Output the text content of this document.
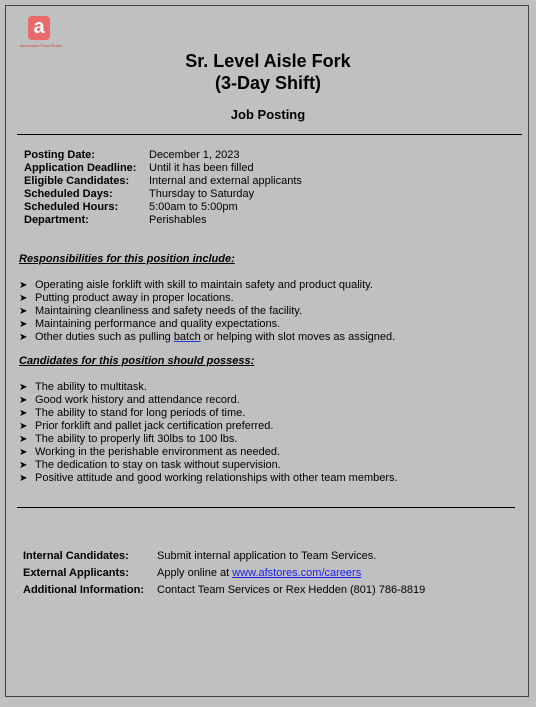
a
Associated Food Stores
Sr. Level Aisle Fork
(3-Day Shift)
Job Posting
Posting Date:	December 1, 2023
Application Deadline:	Until it has been filled
Eligible Candidates:	Internal and external applicants
Scheduled Days:	Thursday to Saturday
Scheduled Hours:	5:00am to 5:00pm
Department:	Perishables
Responsibilities for this position include:
➤ Operating aisle forklift with skill to maintain safety and product quality.
➤ Putting product away in proper locations.
➤ Maintaining cleanliness and safety needs of the facility.
➤ Maintaining performance and quality expectations.
➤ Other duties such as pulling batch or helping with slot moves as assigned.
Candidates for this position should possess:
➤ The ability to multitask.
➤ Good work history and attendance record.
➤ The ability to stand for long periods of time.
➤ Prior forklift and pallet jack certification preferred.
➤ The ability to properly lift 30lbs to 100 lbs.
➤ Working in the perishable environment as needed.
➤ The dedication to stay on task without supervision.
➤ Positive attitude and good working relationships with other team members.
Internal Candidates:	Submit internal application to Team Services.
External Applicants:	Apply online at www.afstores.com/careers
Additional Information:	Contact Team Services or Rex Hedden (801) 786-8819
